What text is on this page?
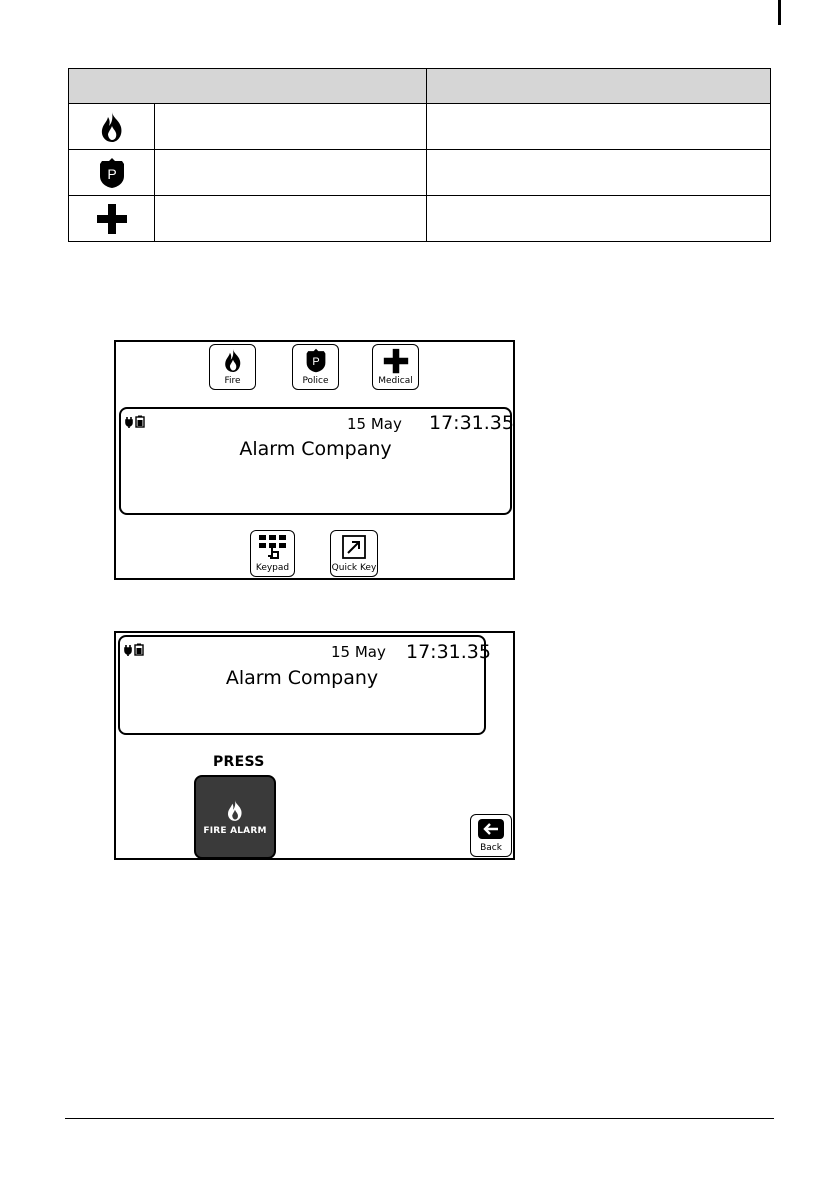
P		

Fire
P
Police	Medical
15 May 17:31.35
Alarm Company
Keypad	Quick Key
15 May 17:31.35
Alarm Company
PRESS
FIRE ALARM
Back
